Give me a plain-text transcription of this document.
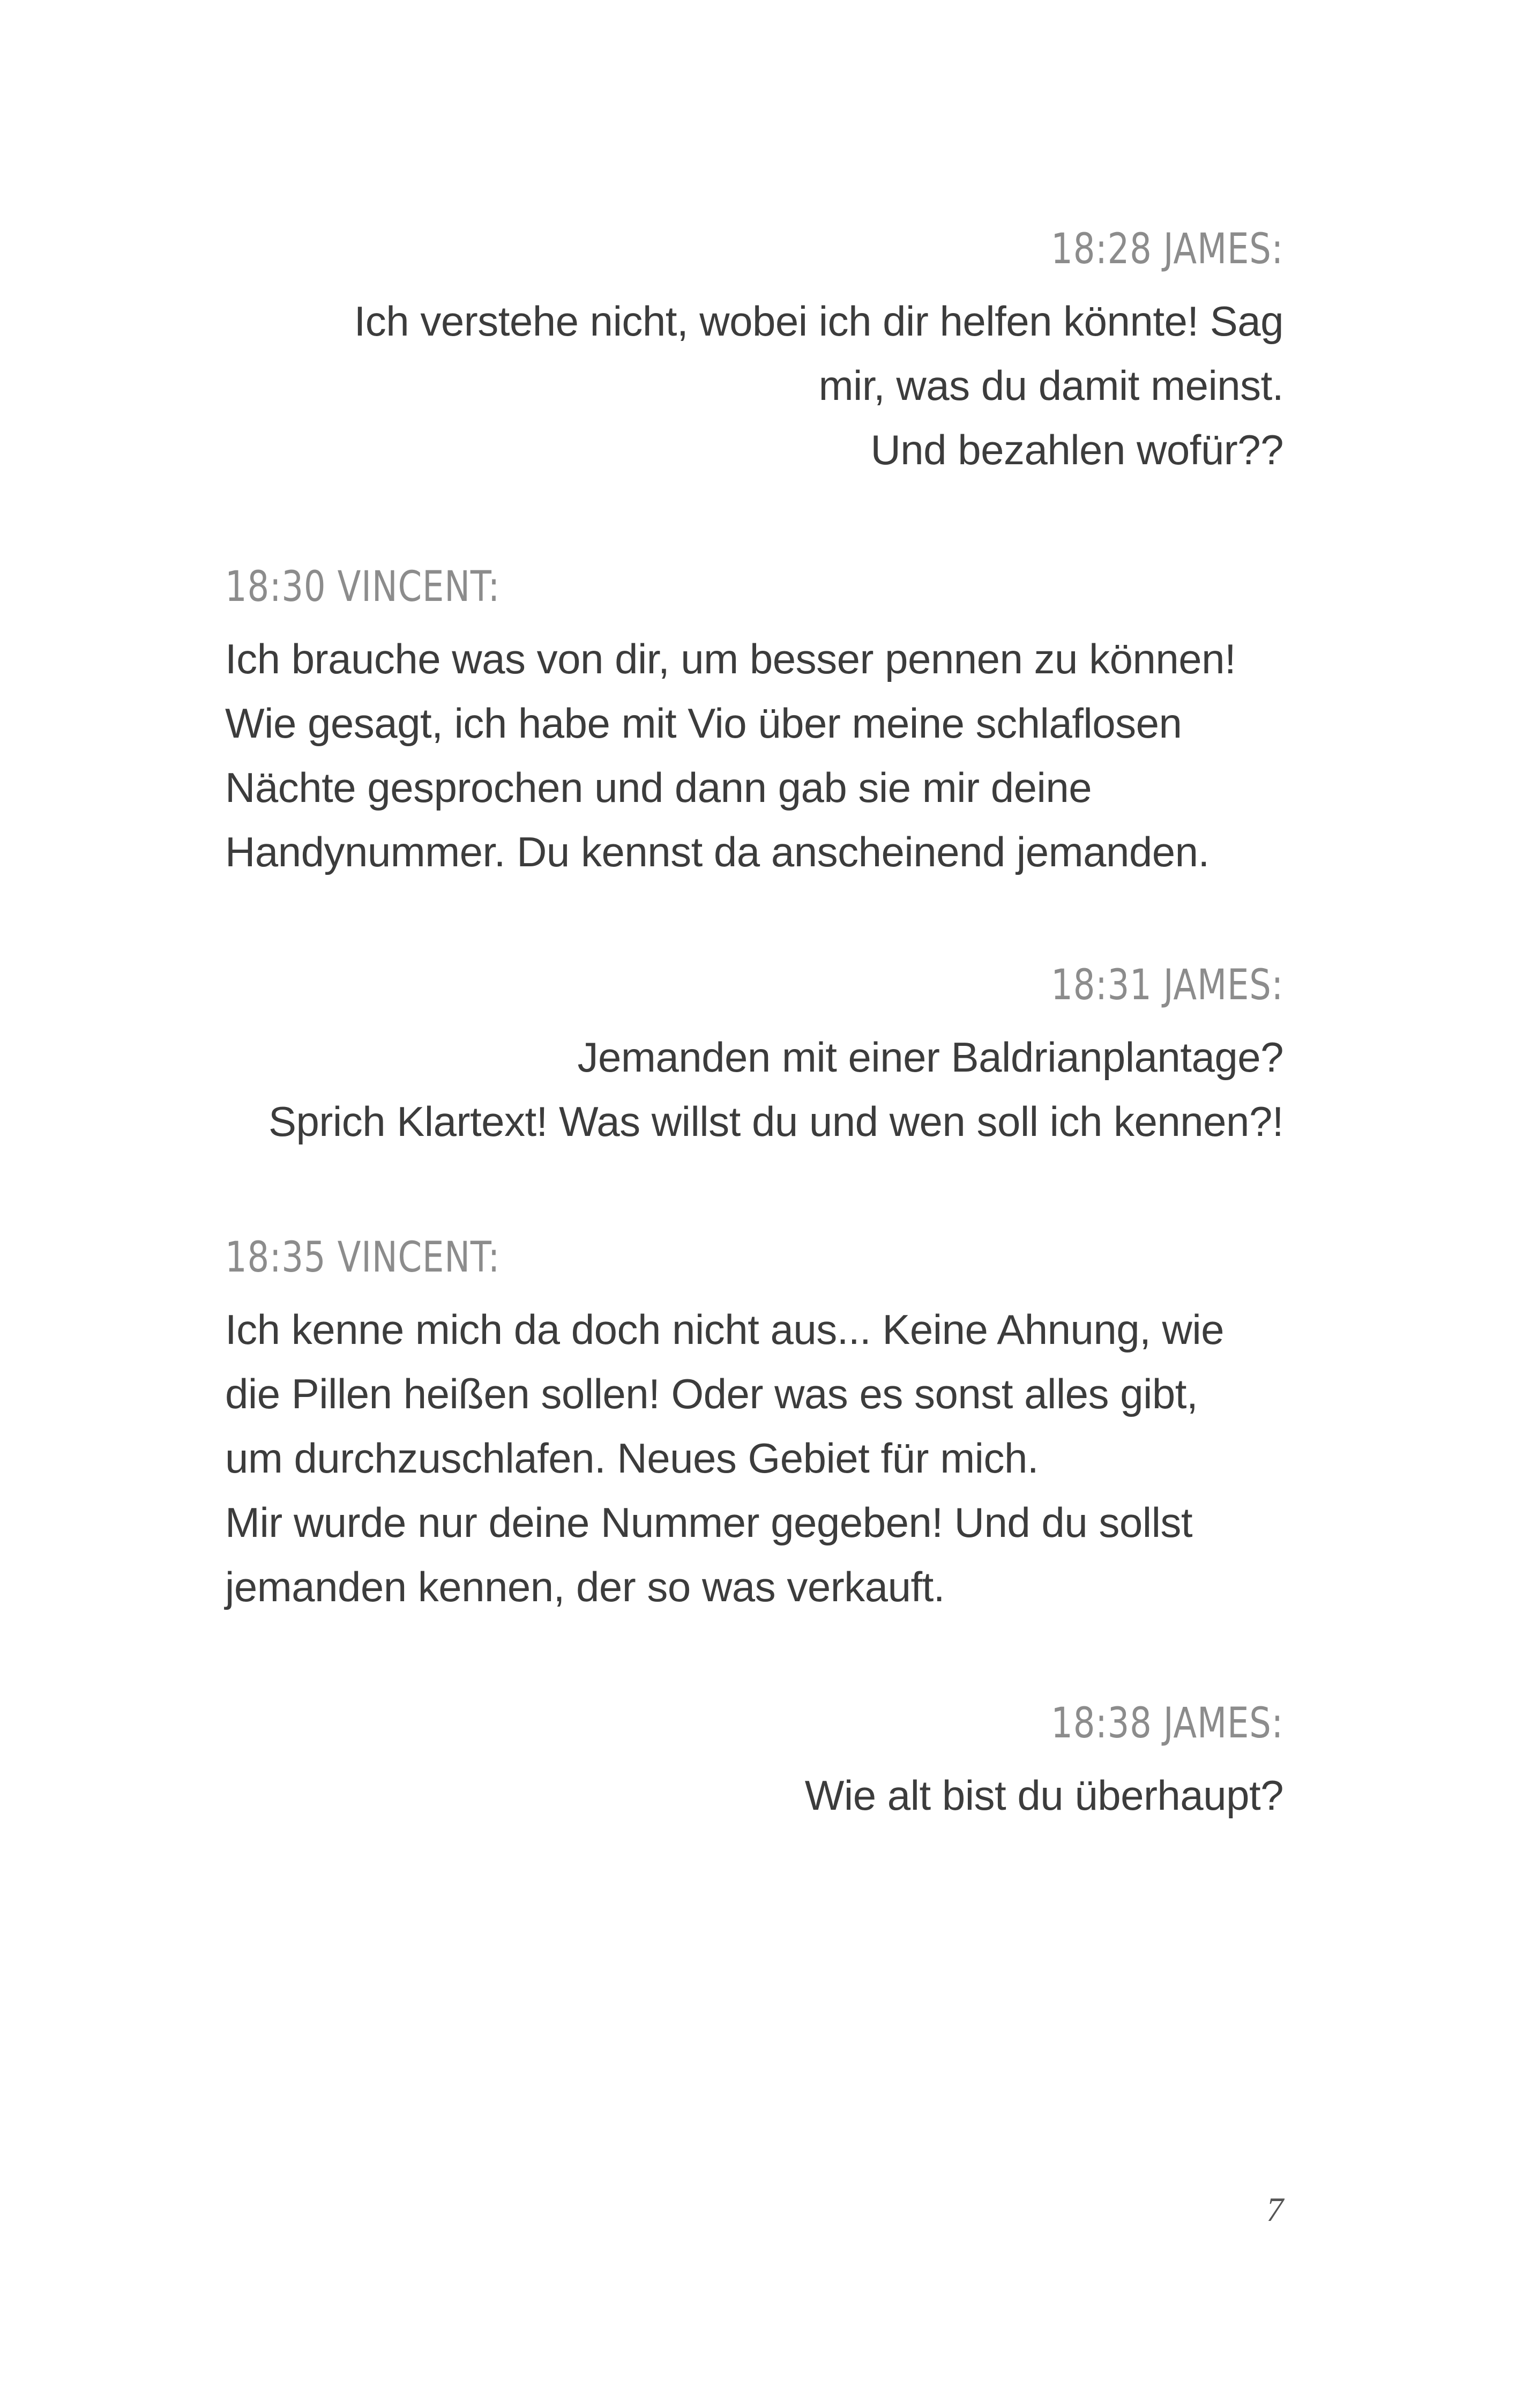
18:28 JAMES:
Ich verstehe nicht, wobei ich dir helfen könnte! Sag
mir, was du damit meinst.
Und bezahlen wofür??
18:30 VINCENT:
Ich brauche was von dir, um besser pennen zu können!
Wie gesagt, ich habe mit Vio über meine schlaflosen
Nächte gesprochen und dann gab sie mir deine
Handynummer. Du kennst da anscheinend jemanden.
18:31 JAMES:
Jemanden mit einer Baldrianplantage?
Sprich Klartext! Was willst du und wen soll ich kennen?!
18:35 VINCENT:
Ich kenne mich da doch nicht aus... Keine Ahnung, wie
die Pillen heißen sollen! Oder was es sonst alles gibt,
um durchzuschlafen. Neues Gebiet für mich.
Mir wurde nur deine Nummer gegeben! Und du sollst
jemanden kennen, der so was verkauft.
18:38 JAMES:
Wie alt bist du überhaupt?
7
